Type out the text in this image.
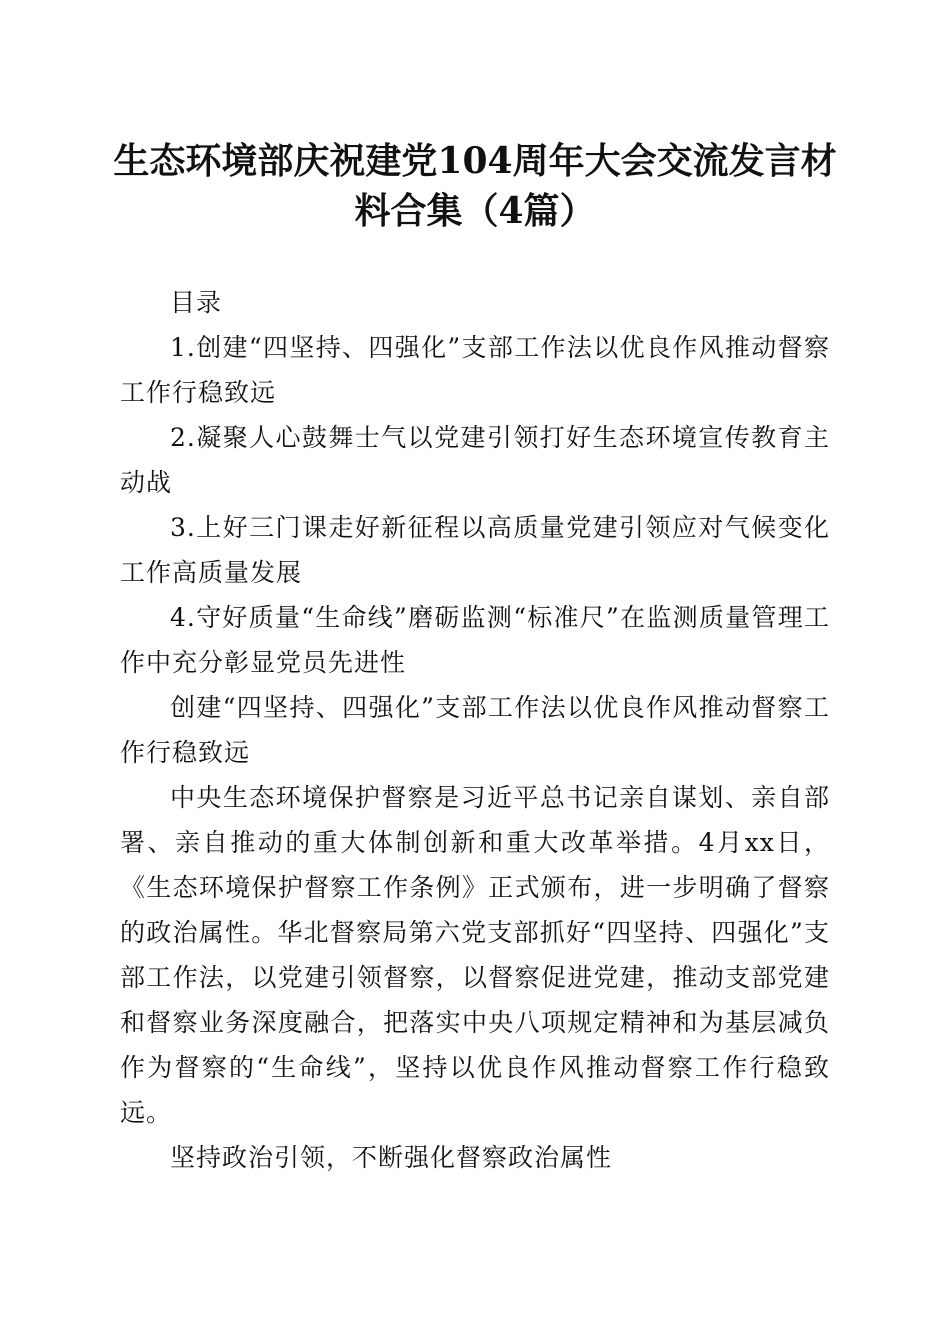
生态环境部庆祝建党104周年大会交流发言材料合集（4篇）

目录

1.创建“四坚持、四强化”支部工作法以优良作风推动督察工作行稳致远

2.凝聚人心鼓舞士气以党建引领打好生态环境宣传教育主动战

3.上好三门课走好新征程以高质量党建引领应对气候变化工作高质量发展

4.守好质量“生命线”磨砺监测“标准尺”在监测质量管理工作中充分彰显党员先进性

创建“四坚持、四强化”支部工作法以优良作风推动督察工作行稳致远

中央生态环境保护督察是习近平总书记亲自谋划、亲自部署、亲自推动的重大体制创新和重大改革举措。4月xx日，《生态环境保护督察工作条例》正式颁布，进一步明确了督察的政治属性。华北督察局第六党支部抓好“四坚持、四强化”支部工作法，以党建引领督察，以督察促进党建，推动支部党建和督察业务深度融合，把落实中央八项规定精神和为基层减负作为督察的“生命线”，坚持以优良作风推动督察工作行稳致远。

坚持政治引领，不断强化督察政治属性
